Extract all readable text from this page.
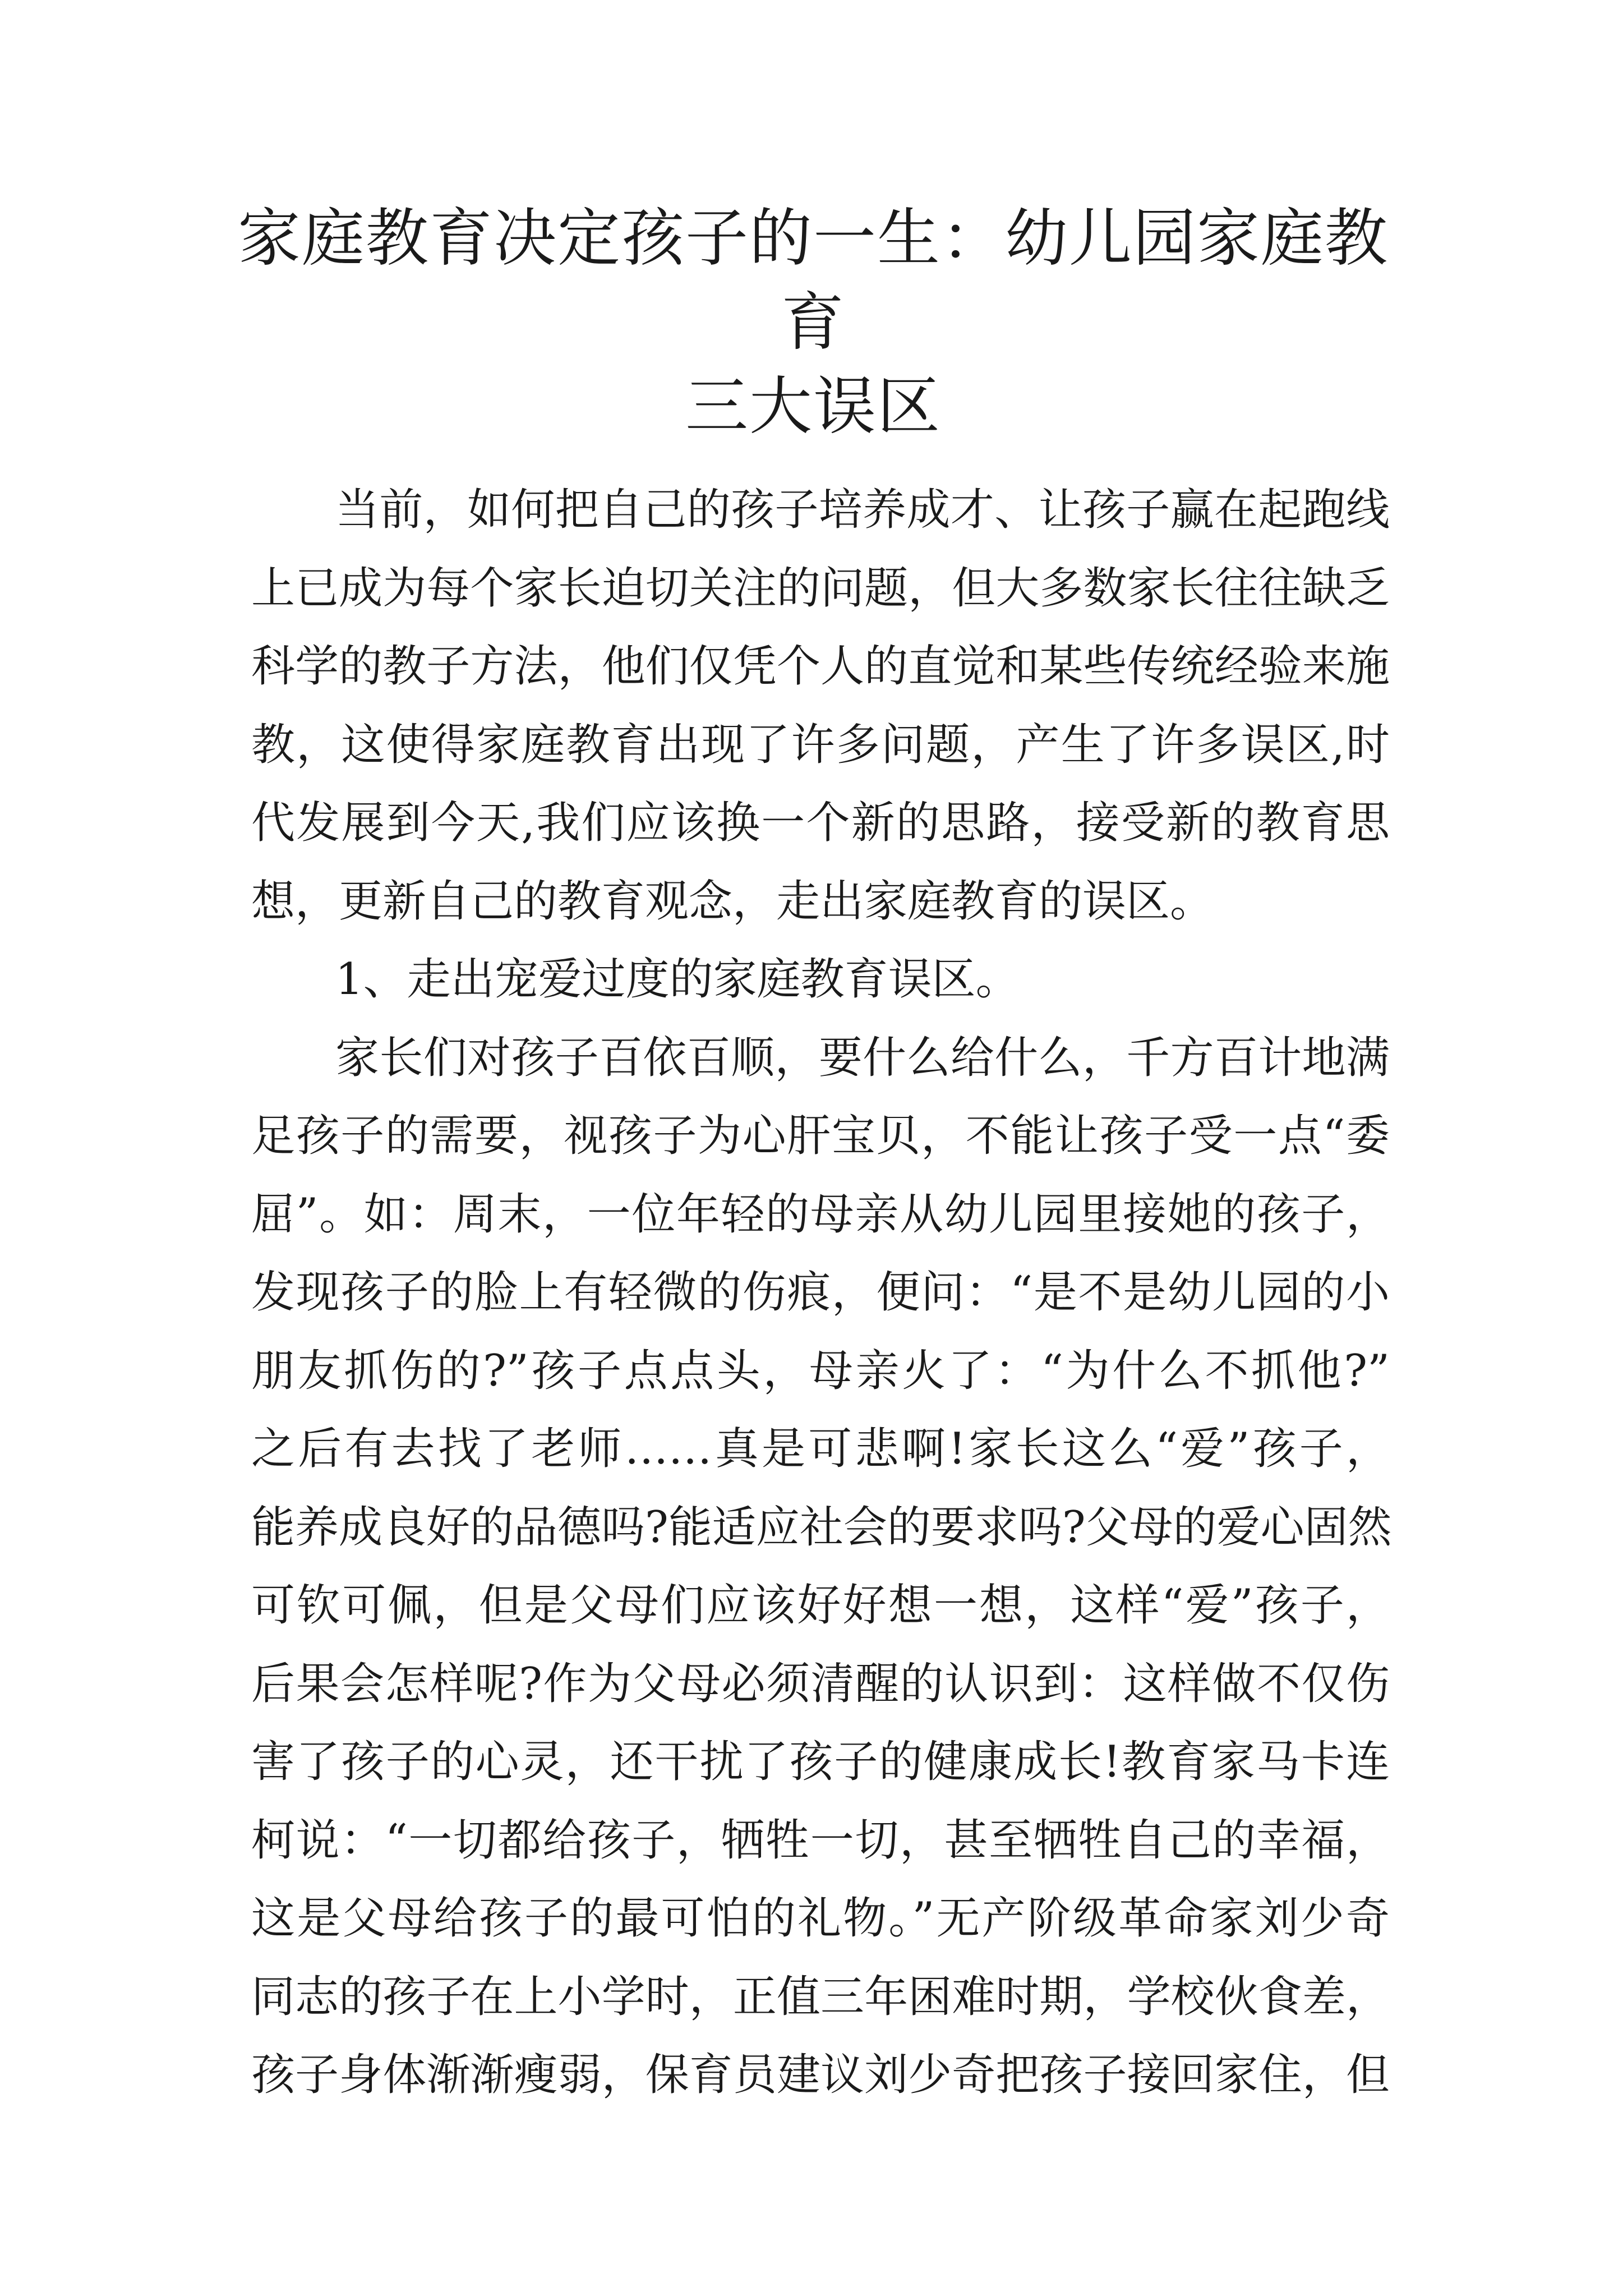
家庭教育决定孩子的一生：幼儿园家庭教育
三大误区
当前，如何把自己的孩子培养成才、让孩子赢在起跑线
上已成为每个家长迫切关注的问题，但大多数家长往往缺乏
科学的教子方法，他们仅凭个人的直觉和某些传统经验来施
教，这使得家庭教育出现了许多问题，产生了许多误区,时
代发展到今天,我们应该换一个新的思路，接受新的教育思
想，更新自己的教育观念，走出家庭教育的误区。
1、走出宠爱过度的家庭教育误区。
家长们对孩子百依百顺，要什么给什么，千方百计地满
足孩子的需要，视孩子为心肝宝贝，不能让孩子受一点“委
屈”。如：周末，一位年轻的母亲从幼儿园里接她的孩子，
发现孩子的脸上有轻微的伤痕，便问：“是不是幼儿园的小
朋友抓伤的?”孩子点点头，母亲火了：“为什么不抓他?”
之后有去找了老师……真是可悲啊!家长这么“爱”孩子，
能养成良好的品德吗?能适应社会的要求吗?父母的爱心固然
可钦可佩，但是父母们应该好好想一想，这样“爱”孩子，
后果会怎样呢?作为父母必须清醒的认识到：这样做不仅伤
害了孩子的心灵，还干扰了孩子的健康成长!教育家马卡连
柯说：“一切都给孩子，牺牲一切，甚至牺牲自己的幸福，
这是父母给孩子的最可怕的礼物。”无产阶级革命家刘少奇
同志的孩子在上小学时，正值三年困难时期，学校伙食差，
孩子身体渐渐瘦弱，保育员建议刘少奇把孩子接回家住，但
